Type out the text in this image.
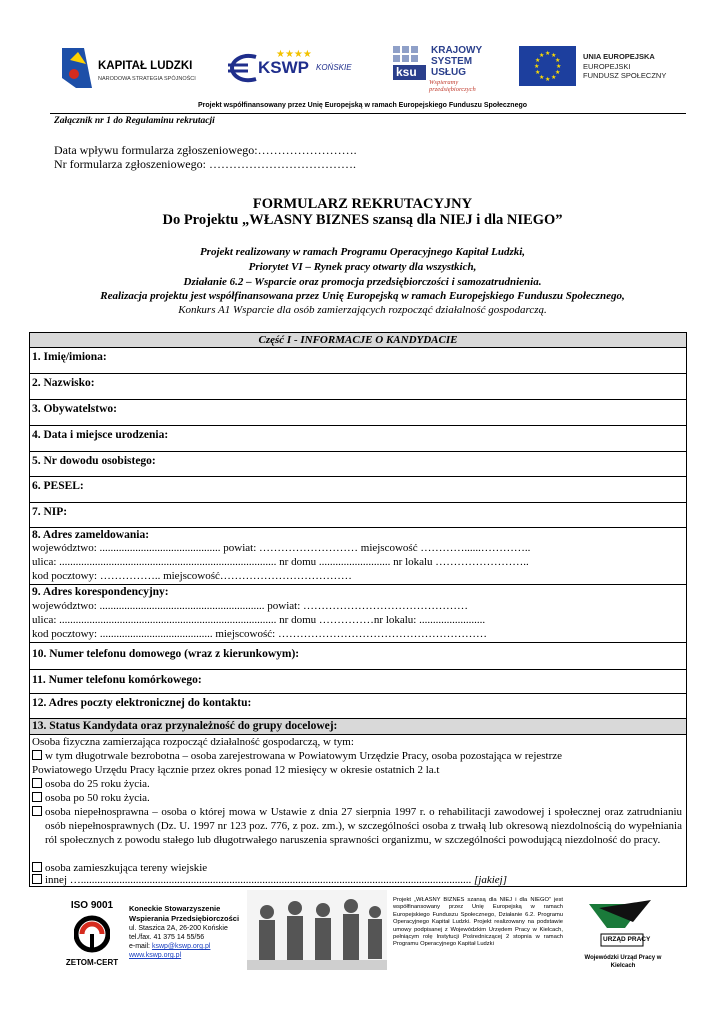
KAPITAŁ LUDZKI
NARODOWA STRATEGIA SPÓJNOŚCI
★★★★
KSWP KOŃSKIE	ksu
KRAJOWY
SYSTEM
USŁUG
Wspieramy przedsiębiorczych
★ ★
★
★
★
★
★
★
★
★
★
★	UNIA EUROPEJSKA
EUROPEJSKI
FUNDUSZ SPOŁECZNY
Projekt współfinansowany przez Unię Europejską w ramach Europejskiego Funduszu Społecznego
Załącznik nr 1 do Regulaminu rekrutacji
Data wpływu formularza zgłoszeniowego:…………………….
Nr formularza zgłoszeniowego: ……………………………….
FORMULARZ REKRUTACYJNY
Do Projektu „WŁASNY BIZNES szansą dla NIEJ i dla NIEGO”
Projekt realizowany w ramach Programu Operacyjnego Kapitał Ludzki,
Priorytet VI – Rynek pracy otwarty dla wszystkich,
Działanie 6.2 – Wsparcie oraz promocja przedsiębiorczości i samozatrudnienia.
Realizacja projektu jest współfinansowana przez Unię Europejską w ramach Europejskiego Funduszu Społecznego,
Konkurs A1 Wsparcie dla osób zamierzających rozpocząć działalność gospodarczą.
Część I - INFORMACJE O KANDYDACIE
1. Imię/imiona:
2. Nazwisko:
3. Obywatelstwo:
4. Data i miejsce urodzenia:
5. Nr dowodu osobistego:
6. PESEL:
7. NIP:
8. Adres zameldowania:
województwo: ............................................ powiat: ……………………… miejscowość …………......…………..
ulica: ............................................................................... nr domu .......................... nr lokalu ……………………..
kod pocztowy: …………….. miejscowość………………………………
9. Adres korespondencyjny:
województwo: ............................................................ powiat: ………………………………………
ulica: ............................................................................... nr domu ……………nr lokalu: ........................
kod pocztowy: ......................................... miejscowość: …………………………………………………
10. Numer telefonu domowego (wraz z kierunkowym):
11. Numer telefonu komórkowego:
12. Adres poczty elektronicznej do kontaktu:
13. Status Kandydata oraz przynależność do grupy docelowej:
Osoba fizyczna zamierzająca rozpocząć działalność gospodarczą, w tym:
w tym długotrwale bezrobotna – osoba zarejestrowana w Powiatowym Urzędzie Pracy, osoba pozostająca w rejestrze
Powiatowego Urzędu Pracy łącznie przez okres ponad 12 miesięcy w okresie ostatnich 2 la.t
osoba do 25 roku życia.
osoba po 50 roku życia.
osoba niepełnosprawna – osoba o której mowa w Ustawie z dnia 27 sierpnia 1997 r. o rehabilitacji zawodowej i społecznej oraz zatrudnianiu osób niepełnosprawnych (Dz. U. 1997 nr 123 poz. 776, z poz. zm.), w szczególności osoba z trwałą lub okresową niezdolnością do wypełniania ról społecznych z powodu stałego lub długotrwałego naruszenia sprawności organizmu, w szczególności powodującą niezdolność do pracy.
osoba zamieszkująca tereny wiejskie
innej ….............................................................................................................................................. [jakiej]
ISO 9001
ZETOM-CERT
Koneckie Stowarzyszenie
Wspierania Przedsiębiorczości
ul. Staszica 2A, 26-200 Końskie
tel./fax. 41 375 14 55/56
e-mail: kswp@kswp.org.pl
www.kswp.org.pl
Projekt „WŁASNY BIZNES szansą dla NIEJ i dla NIEGO” jest współfinansowany przez Unię Europejską w ramach Europejskiego Funduszu Społecznego, Działanie 6.2. Programu Operacyjnego Kapitał Ludzki. Projekt realizowany na podstawie umowy podpisanej z Wojewódzkim Urzędem Pracy w Kielcach, pełniącym rolę Instytucji Pośredniczącej 2 stopnia w ramach Programu Operacyjnego Kapitał Ludzki
URZĄD PRACY
Wojewódzki Urząd Pracy w Kielcach
